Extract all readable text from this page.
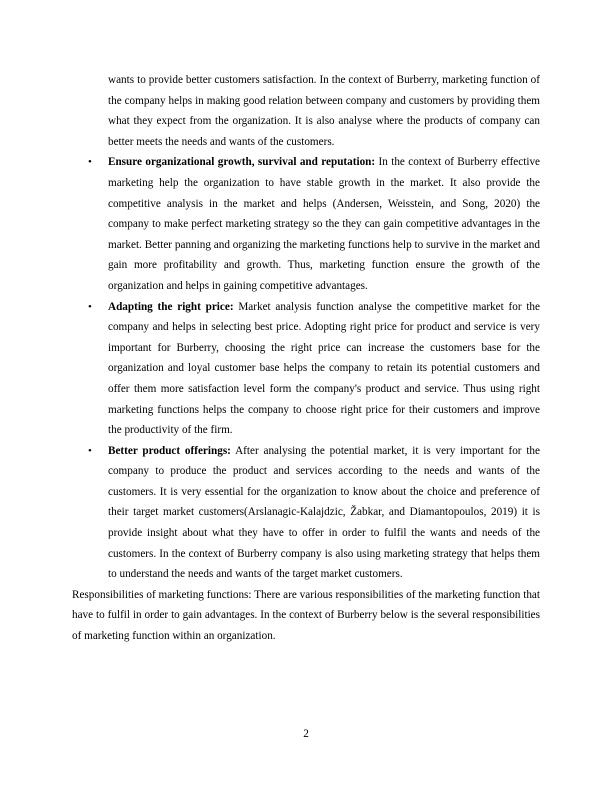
wants to provide better customers satisfaction. In the context of Burberry, marketing function of the company helps in making good relation between company and customers by providing them what they expect from the organization. It is also analyse where the products of company can better meets the needs and wants of the customers.

• Ensure organizational growth, survival and reputation: In the context of Burberry effective marketing help the organization to have stable growth in the market. It also provide the competitive analysis in the market and helps (Andersen, Weisstein, and Song, 2020) the company to make perfect marketing strategy so the they can gain competitive advantages in the market. Better panning and organizing the marketing functions help to survive in the market and gain more profitability and growth. Thus, marketing function ensure the growth of the organization and helps in gaining competitive advantages.
• Adapting the right price: Market analysis function analyse the competitive market for the company and helps in selecting best price. Adopting right price for product and service is very important for Burberry, choosing the right price can increase the customers base for the organization and loyal customer base helps the company to retain its potential customers and offer them more satisfaction level form the company's product and service. Thus using right marketing functions helps the company to choose right price for their customers and improve the productivity of the firm.
• Better product offerings: After analysing the potential market, it is very important for the company to produce the product and services according to the needs and wants of the customers. It is very essential for the organization to know about the choice and preference of their target market customers(Arslanagic-Kalajdzic, Žabkar, and Diamantopoulos, 2019) it is provide insight about what they have to offer in order to fulfil the wants and needs of the customers. In the context of Burberry company is also using marketing strategy that helps them to understand the needs and wants of the target market customers.

Responsibilities of marketing functions: There are various responsibilities of the marketing function that have to fulfil in order to gain advantages. In the context of Burberry below is the several responsibilities of marketing function within an organization.

2
